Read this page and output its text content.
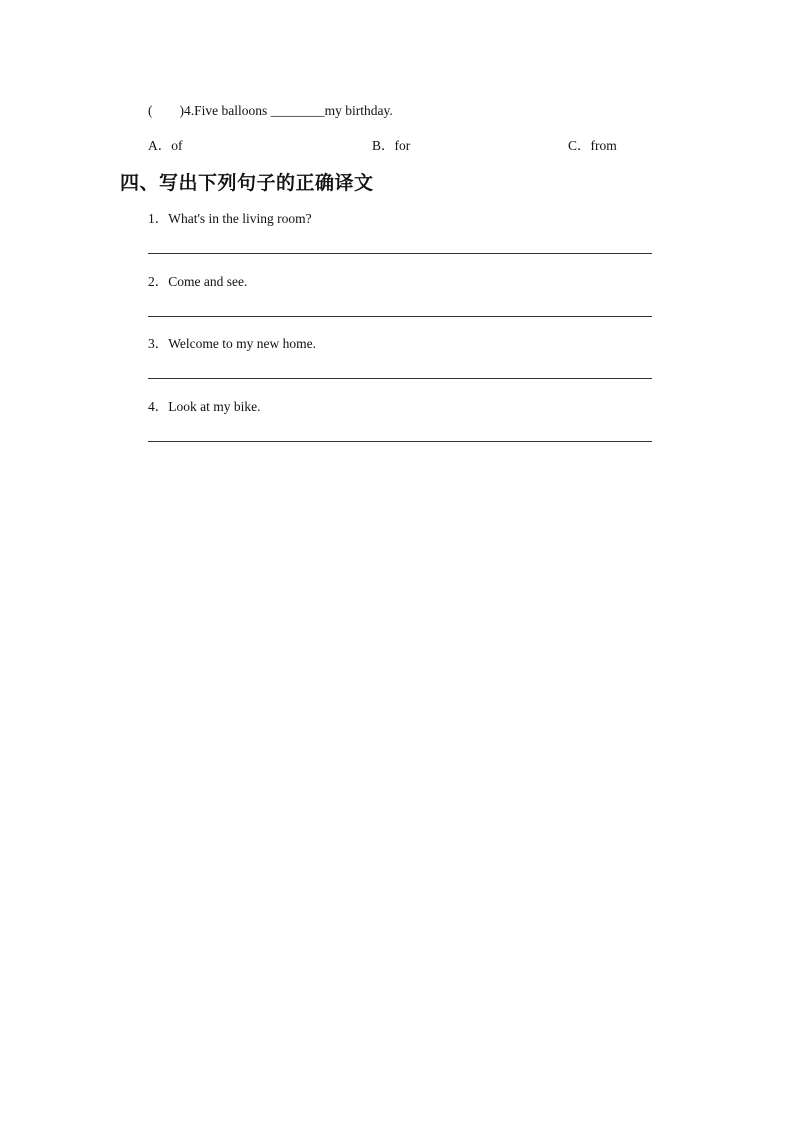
(        )4.Five balloons ________my birthday.
A．of	B．for	C．from
四、写出下列句子的正确译文
1．What's in the living room?
2．Come and see.
3．Welcome to my new home.
4．Look at my bike.
